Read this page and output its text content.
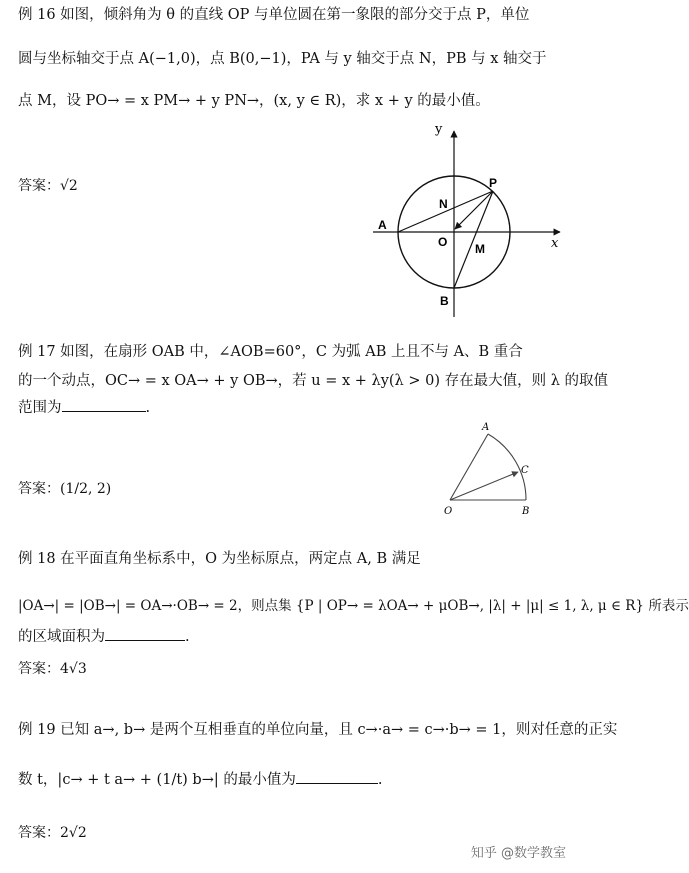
例 16 如图，倾斜角为 θ 的直线 OP 与单位圆在第一象限的部分交于点 P，单位
圆与坐标轴交于点 A(−1,0)，点 B(0,−1)，PA 与 y 轴交于点 N，PB 与 x 轴交于
点 M，设 PO→ = x PM→ + y PN→，(x, y ∈ R)，求 x + y 的最小值。
答案：√2
y
x
P
N
A
O M
B
例 17 如图，在扇形 OAB 中，∠AOB=60°，C 为弧 AB 上且不与 A、B 重合
的一个动点，OC→ = x OA→ + y OB→，若 u = x + λy(λ > 0) 存在最大值，则 λ 的取值
范围为	.
答案：(1/2, 2)
A
C
O	B
例 18 在平面直角坐标系中，O 为坐标原点，两定点 A, B 满足
|OA→| = |OB→| = OA→·OB→ = 2，则点集 {P | OP→ = λOA→ + μOB→, |λ| + |μ| ≤ 1, λ, μ ∈ R} 所表示
的区域面积为	.
答案：4√3
例 19 已知 a→, b→ 是两个互相垂直的单位向量，且 c→·a→ = c→·b→ = 1，则对任意的正实
数 t，|c→ + t a→ + (1/t) b→| 的最小值为	.
答案：2√2
知乎 @数学教室
